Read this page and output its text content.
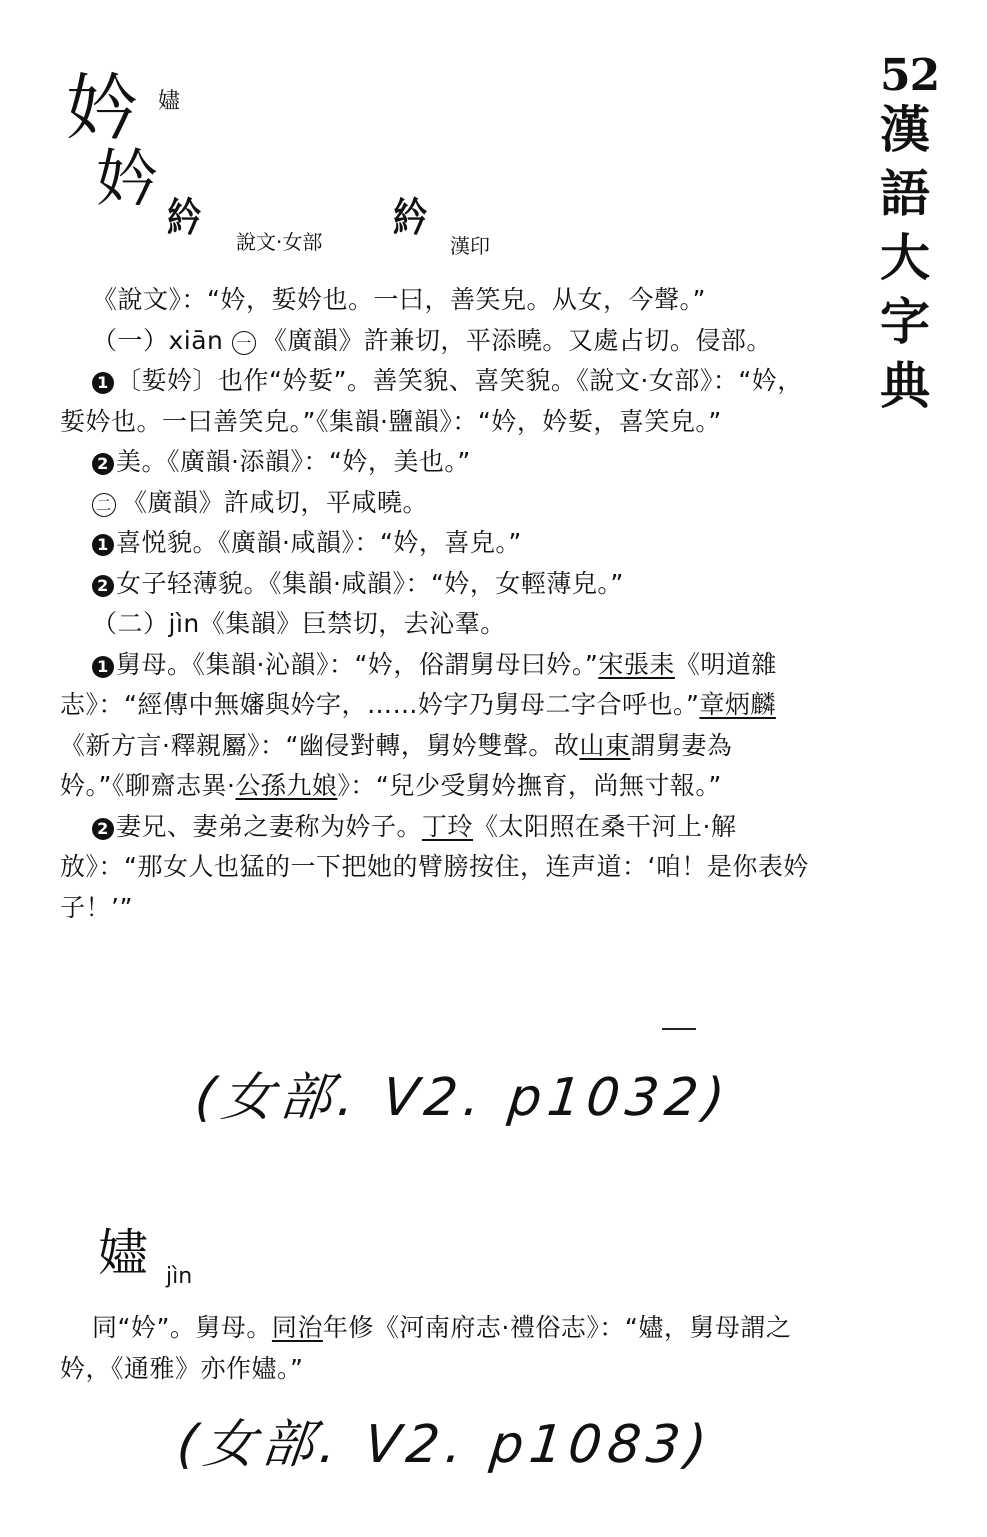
52
漢語大字典
妗 嬧
妗
紟
說文·女部
紟
漢印

《說文》：“妗，娎妗也。一曰，善笑皃。从女，今聲。”

（一）xiān 一 《廣韻》許兼切，平添曉。又處占切。侵部。

1 〔娎妗〕也作“妗娎”。善笑貌、喜笑貌。《說文·女部》：“妗，娎妗也。一曰善笑皃。”《集韻·鹽韻》：“妗，妗娎，喜笑皃。”

2 美。《廣韻·添韻》：“妗，美也。”

二 《廣韻》許咸切，平咸曉。

1 喜悦貌。《廣韻·咸韻》：“妗，喜皃。”

2 女子轻薄貌。《集韻·咸韻》：“妗，女輕薄皃。”

（二）jìn《集韻》巨禁切，去沁羣。

1 舅母。《集韻·沁韻》：“妗，俗謂舅母曰妗。”宋張耒《明道雜志》：“經傳中無嬸與妗字，……妗字乃舅母二字合呼也。”章炳麟《新方言·釋親屬》：“幽侵對轉，舅妗雙聲。故山東謂舅妻為妗。”《聊齋志異·公孫九娘》：“兒少受舅妗撫育，尚無寸報。”

2 妻兄、妻弟之妻称为妗子。丁玲《太阳照在桑干河上·解放》：“那女人也猛的一下把她的臂膀按住，连声道：‘咱！是你表妗子！’”

(女部. V2. p1032)
嬧 jìn

同“妗”。舅母。同治年修《河南府志·禮俗志》：“嬧，舅母謂之妗，《通雅》亦作嬧。”

(女部. V2. p1083)
